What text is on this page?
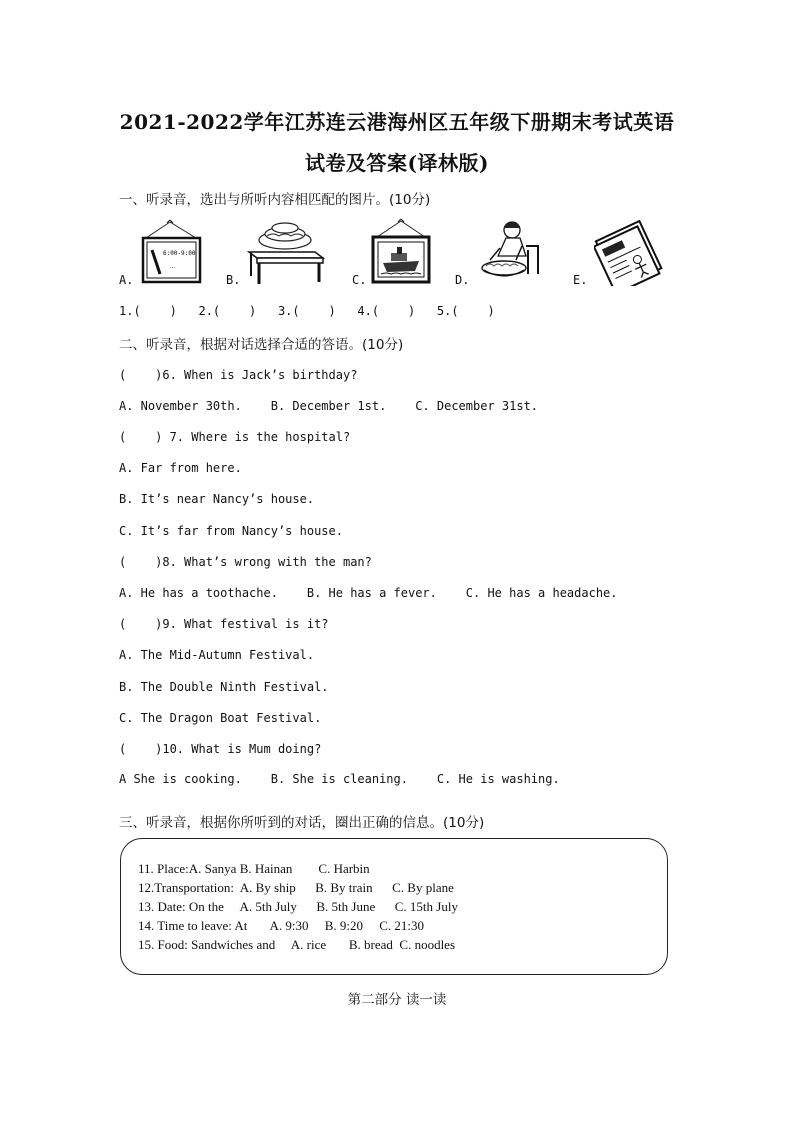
2021-2022学年江苏连云港海州区五年级下册期末考试英语
试卷及答案(译林版)
一、听录音，选出与所听内容相匹配的图片。(10分)
6:00-9:00
...
A.	B.	C.	D.	E.
1.(    )   2.(    )   3.(    )   4.(    )   5.(    )
二、听录音，根据对话选择合适的答语。(10分)
(    )6. When is Jack’s birthday?
A. November 30th.    B. December 1st.    C. December 31st.
(    ) 7. Where is the hospital?
A. Far from here.
B. It’s near Nancy’s house.
C. It’s far from Nancy’s house.
(    )8. What’s wrong with the man?
A. He has a toothache.    B. He has a fever.    C. He has a headache.
(    )9. What festival is it?
A. The Mid-Autumn Festival.
B. The Double Ninth Festival.
C. The Dragon Boat Festival.
(    )10. What is Mum doing?
A She is cooking.    B. She is cleaning.    C. He is washing.
三、听录音，根据你所听到的对话，圈出正确的信息。(10分)
11. Place:A. Sanya B. Hainan        C. Harbin
12.Transportation:  A. By ship      B. By train      C. By plane
13. Date: On the     A. 5th July      B. 5th June      C. 15th July
14. Time to leave: At       A. 9:30     B. 9:20     C. 21:30
15. Food: Sandwiches and     A. rice       B. bread  C. noodles
第二部分 读一读
